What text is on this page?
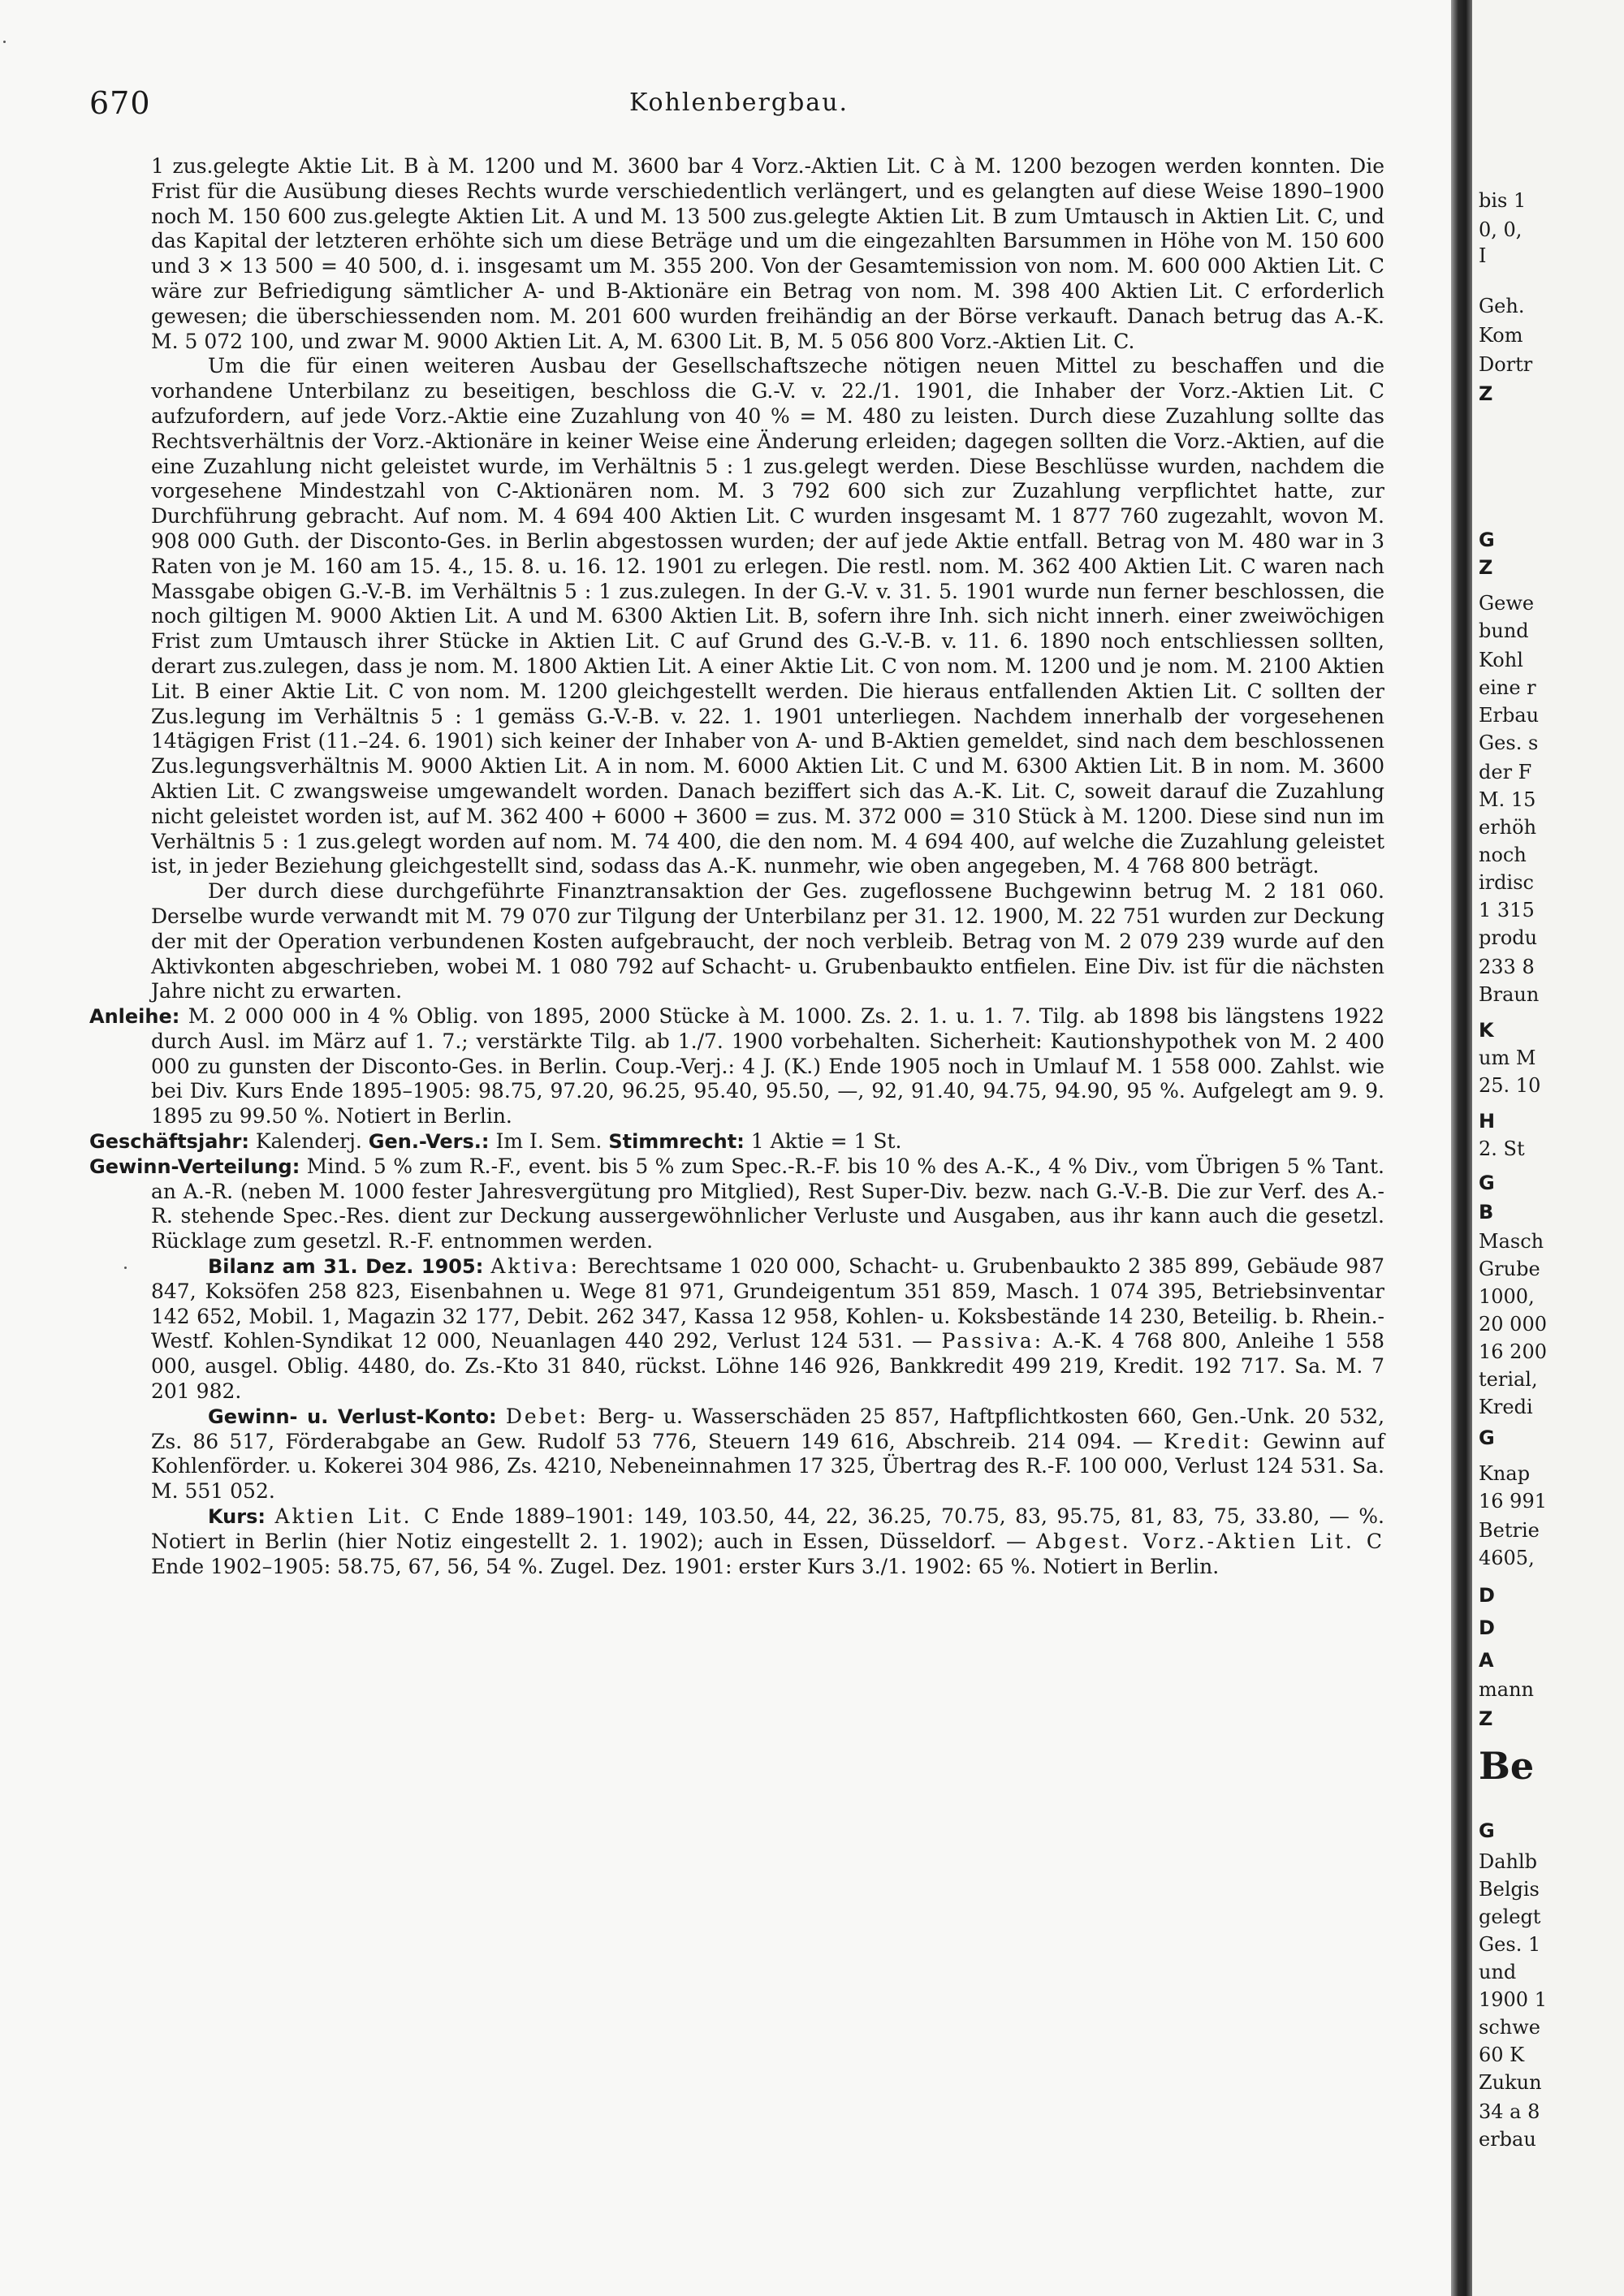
670	Kohlenbergbau.

1 zus.gelegte Aktie Lit. B à M. 1200 und M. 3600 bar 4 Vorz.-Aktien Lit. C à M. 1200 bezogen werden konnten. Die Frist für die Ausübung dieses Rechts wurde verschiedentlich verlängert, und es gelangten auf diese Weise 1890–1900 noch M. 150 600 zus.gelegte Aktien Lit. A und M. 13 500 zus.gelegte Aktien Lit. B zum Umtausch in Aktien Lit. C, und das Kapital der letzteren erhöhte sich um diese Beträge und um die eingezahlten Barsummen in Höhe von M. 150 600 und 3 × 13 500 = 40 500, d. i. insgesamt um M. 355 200. Von der Gesamtemission von nom. M. 600 000 Aktien Lit. C wäre zur Befriedigung sämtlicher A- und B-Aktionäre ein Betrag von nom. M. 398 400 Aktien Lit. C erforderlich gewesen; die überschiessenden nom. M. 201 600 wurden freihändig an der Börse verkauft. Danach betrug das A.-K. M. 5 072 100, und zwar M. 9000 Aktien Lit. A, M. 6300 Lit. B, M. 5 056 800 Vorz.-Aktien Lit. C.

Um die für einen weiteren Ausbau der Gesellschaftszeche nötigen neuen Mittel zu beschaffen und die vorhandene Unterbilanz zu beseitigen, beschloss die G.-V. v. 22./1. 1901, die Inhaber der Vorz.-Aktien Lit. C aufzufordern, auf jede Vorz.-Aktie eine Zuzahlung von 40 % = M. 480 zu leisten. Durch diese Zuzahlung sollte das Rechtsverhältnis der Vorz.-Aktionäre in keiner Weise eine Änderung erleiden; dagegen sollten die Vorz.-Aktien, auf die eine Zuzahlung nicht geleistet wurde, im Verhältnis 5 : 1 zus.gelegt werden. Diese Beschlüsse wurden, nachdem die vorgesehene Mindestzahl von C-Aktionären nom. M. 3 792 600 sich zur Zuzahlung verpflichtet hatte, zur Durchführung gebracht. Auf nom. M. 4 694 400 Aktien Lit. C wurden insgesamt M. 1 877 760 zugezahlt, wovon M. 908 000 Guth. der Disconto-Ges. in Berlin abgestossen wurden; der auf jede Aktie entfall. Betrag von M. 480 war in 3 Raten von je M. 160 am 15. 4., 15. 8. u. 16. 12. 1901 zu erlegen. Die restl. nom. M. 362 400 Aktien Lit. C waren nach Massgabe obigen G.-V.-B. im Verhältnis 5 : 1 zus.zulegen. In der G.-V. v. 31. 5. 1901 wurde nun ferner beschlossen, die noch giltigen M. 9000 Aktien Lit. A und M. 6300 Aktien Lit. B, sofern ihre Inh. sich nicht innerh. einer zweiwöchigen Frist zum Umtausch ihrer Stücke in Aktien Lit. C auf Grund des G.-V.-B. v. 11. 6. 1890 noch entschliessen sollten, derart zus.zulegen, dass je nom. M. 1800 Aktien Lit. A einer Aktie Lit. C von nom. M. 1200 und je nom. M. 2100 Aktien Lit. B einer Aktie Lit. C von nom. M. 1200 gleichgestellt werden. Die hieraus entfallenden Aktien Lit. C sollten der Zus.legung im Verhältnis 5 : 1 gemäss G.-V.-B. v. 22. 1. 1901 unterliegen. Nachdem innerhalb der vorgesehenen 14tägigen Frist (11.–24. 6. 1901) sich keiner der Inhaber von A- und B-Aktien gemeldet, sind nach dem beschlossenen Zus.legungsverhältnis M. 9000 Aktien Lit. A in nom. M. 6000 Aktien Lit. C und M. 6300 Aktien Lit. B in nom. M. 3600 Aktien Lit. C zwangsweise umgewandelt worden. Danach beziffert sich das A.-K. Lit. C, soweit darauf die Zuzahlung nicht geleistet worden ist, auf M. 362 400 + 6000 + 3600 = zus. M. 372 000 = 310 Stück à M. 1200. Diese sind nun im Verhältnis 5 : 1 zus.gelegt worden auf nom. M. 74 400, die den nom. M. 4 694 400, auf welche die Zuzahlung geleistet ist, in jeder Beziehung gleichgestellt sind, sodass das A.-K. nunmehr, wie oben angegeben, M. 4 768 800 beträgt.

Der durch diese durchgeführte Finanztransaktion der Ges. zugeflossene Buchgewinn betrug M. 2 181 060. Derselbe wurde verwandt mit M. 79 070 zur Tilgung der Unterbilanz per 31. 12. 1900, M. 22 751 wurden zur Deckung der mit der Operation verbundenen Kosten aufgebraucht, der noch verbleib. Betrag von M. 2 079 239 wurde auf den Aktivkonten abgeschrieben, wobei M. 1 080 792 auf Schacht- u. Grubenbaukto entfielen. Eine Div. ist für die nächsten Jahre nicht zu erwarten.

Anleihe: M. 2 000 000 in 4 % Oblig. von 1895, 2000 Stücke à M. 1000. Zs. 2. 1. u. 1. 7. Tilg. ab 1898 bis längstens 1922 durch Ausl. im März auf 1. 7.; verstärkte Tilg. ab 1./7. 1900 vorbehalten. Sicherheit: Kautionshypothek von M. 2 400 000 zu gunsten der Disconto-Ges. in Berlin. Coup.-Verj.: 4 J. (K.) Ende 1905 noch in Umlauf M. 1 558 000. Zahlst. wie bei Div. Kurs Ende 1895–1905: 98.75, 97.20, 96.25, 95.40, 95.50, —, 92, 91.40, 94.75, 94.90, 95 %. Aufgelegt am 9. 9. 1895 zu 99.50 %. Notiert in Berlin.

Geschäftsjahr: Kalenderj. Gen.-Vers.: Im I. Sem. Stimmrecht: 1 Aktie = 1 St.

Gewinn-Verteilung: Mind. 5 % zum R.-F., event. bis 5 % zum Spec.-R.-F. bis 10 % des A.-K., 4 % Div., vom Übrigen 5 % Tant. an A.-R. (neben M. 1000 fester Jahresvergütung pro Mitglied), Rest Super-Div. bezw. nach G.-V.-B. Die zur Verf. des A.-R. stehende Spec.-Res. dient zur Deckung aussergewöhnlicher Verluste und Ausgaben, aus ihr kann auch die gesetzl. Rücklage zum gesetzl. R.-F. entnommen werden.

Bilanz am 31. Dez. 1905: Aktiva: Berechtsame 1 020 000, Schacht- u. Grubenbaukto 2 385 899, Gebäude 987 847, Koksöfen 258 823, Eisenbahnen u. Wege 81 971, Grundeigentum 351 859, Masch. 1 074 395, Betriebsinventar 142 652, Mobil. 1, Magazin 32 177, Debit. 262 347, Kassa 12 958, Kohlen- u. Koksbestände 14 230, Beteilig. b. Rhein.-Westf. Kohlen-Syndikat 12 000, Neuanlagen 440 292, Verlust 124 531. — Passiva: A.-K. 4 768 800, Anleihe 1 558 000, ausgel. Oblig. 4480, do. Zs.-Kto 31 840, rückst. Löhne 146 926, Bankkredit 499 219, Kredit. 192 717. Sa. M. 7 201 982.

Gewinn- u. Verlust-Konto: Debet: Berg- u. Wasserschäden 25 857, Haftpflichtkosten 660, Gen.-Unk. 20 532, Zs. 86 517, Förderabgabe an Gew. Rudolf 53 776, Steuern 149 616, Abschreib. 214 094. — Kredit: Gewinn auf Kohlenförder. u. Kokerei 304 986, Zs. 4210, Nebeneinnahmen 17 325, Übertrag des R.-F. 100 000, Verlust 124 531. Sa. M. 551 052.

Kurs: Aktien Lit. C Ende 1889–1901: 149, 103.50, 44, 22, 36.25, 70.75, 83, 95.75, 81, 83, 75, 33.80, — %. Notiert in Berlin (hier Notiz eingestellt 2. 1. 1902); auch in Essen, Düsseldorf. — Abgest. Vorz.-Aktien Lit. C Ende 1902–1905: 58.75, 67, 56, 54 %. Zugel. Dez. 1901: erster Kurs 3./1. 1902: 65 %. Notiert in Berlin.

bis 1
0, 0,
I
Geh.
Kom
Dortr
Z
G
Z
Gewe
bund
Kohl
eine r
Erbau
Ges. s
der F
M. 15
erhöh
noch
irdisc
1 315
produ
233 8
Braun
K
um M
25. 10
H
2. St
G
B
Masch
Grube
1000,
20 000
16 200
terial,
Kredi
G
Knap
16 991
Betrie
4605,
D
D
A
mann
Z
Be
G
Dahlb
Belgis
gelegt
Ges. 1
und
1900 1
schwe
60 K
Zukun
34 a 8
erbau
